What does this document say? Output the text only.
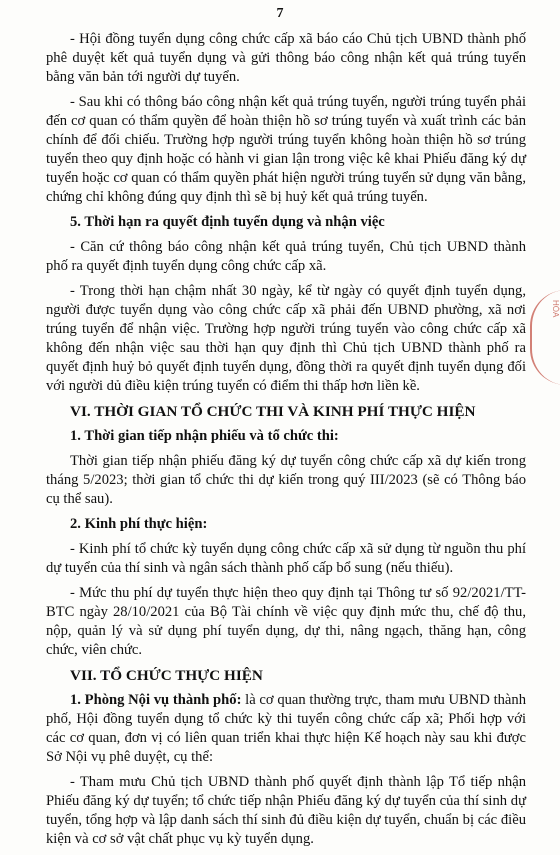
7
HÒA

- Hội đồng tuyển dụng công chức cấp xã báo cáo Chủ tịch UBND thành phố phê duyệt kết quả tuyển dụng và gửi thông báo công nhận kết quả trúng tuyển bằng văn bản tới người dự tuyển.

- Sau khi có thông báo công nhận kết quả trúng tuyển, người trúng tuyển phải đến cơ quan có thẩm quyền để hoàn thiện hồ sơ trúng tuyển và xuất trình các bản chính để đối chiếu. Trường hợp người trúng tuyển không hoàn thiện hồ sơ trúng tuyển theo quy định hoặc có hành vi gian lận trong việc kê khai Phiếu đăng ký dự tuyển hoặc cơ quan có thẩm quyền phát hiện người trúng tuyển sử dụng văn bằng, chứng chỉ không đúng quy định thì sẽ bị huỷ kết quả trúng tuyển.

5. Thời hạn ra quyết định tuyển dụng và nhận việc

- Căn cứ thông báo công nhận kết quả trúng tuyển, Chủ tịch UBND thành phố ra quyết định tuyển dụng công chức cấp xã.

- Trong thời hạn chậm nhất 30 ngày, kể từ ngày có quyết định tuyển dụng, người được tuyển dụng vào công chức cấp xã phải đến UBND phường, xã nơi trúng tuyển để nhận việc. Trường hợp người trúng tuyển vào công chức cấp xã không đến nhận việc sau thời hạn quy định thì Chủ tịch UBND thành phố ra quyết định huỷ bỏ quyết định tuyển dụng, đồng thời ra quyết định tuyển dụng đối với người dủ điều kiện trúng tuyển có điểm thi thấp hơn liền kề.

VI. THỜI GIAN TỔ CHỨC THI VÀ KINH PHÍ THỰC HIỆN
1. Thời gian tiếp nhận phiếu và tổ chức thi:

Thời gian tiếp nhận phiếu đăng ký dự tuyển công chức cấp xã dự kiến trong tháng 5/2023; thời gian tổ chức thi dự kiến trong quý III/2023 (sẽ có Thông báo cụ thể sau).

2. Kinh phí thực hiện:

- Kinh phí tổ chức kỳ tuyển dụng công chức cấp xã sử dụng từ nguồn thu phí dự tuyển của thí sinh và ngân sách thành phố cấp bổ sung (nếu thiếu).

- Mức thu phí dự tuyển thực hiện theo quy định tại Thông tư số 92/2021/TT-BTC ngày 28/10/2021 của Bộ Tài chính về việc quy định mức thu, chế độ thu, nộp, quản lý và sử dụng phí tuyển dụng, dự thi, nâng ngạch, thăng hạn, công chức, viên chức.

VII. TỔ CHỨC THỰC HIỆN

1. Phòng Nội vụ thành phố: là cơ quan thường trực, tham mưu UBND thành phố, Hội đồng tuyển dụng tổ chức kỳ thi tuyển công chức cấp xã; Phối hợp với các cơ quan, đơn vị có liên quan triển khai thực hiện Kế hoạch này sau khi được Sở Nội vụ phê duyệt, cụ thể:

- Tham mưu Chủ tịch UBND thành phố quyết định thành lập Tổ tiếp nhận Phiếu đăng ký dự tuyển; tổ chức tiếp nhận Phiếu đăng ký dự tuyển của thí sinh dự tuyển, tổng hợp và lập danh sách thí sinh đủ điều kiện dự tuyển, chuẩn bị các điều kiện và cơ sở vật chất phục vụ kỳ tuyển dụng.
